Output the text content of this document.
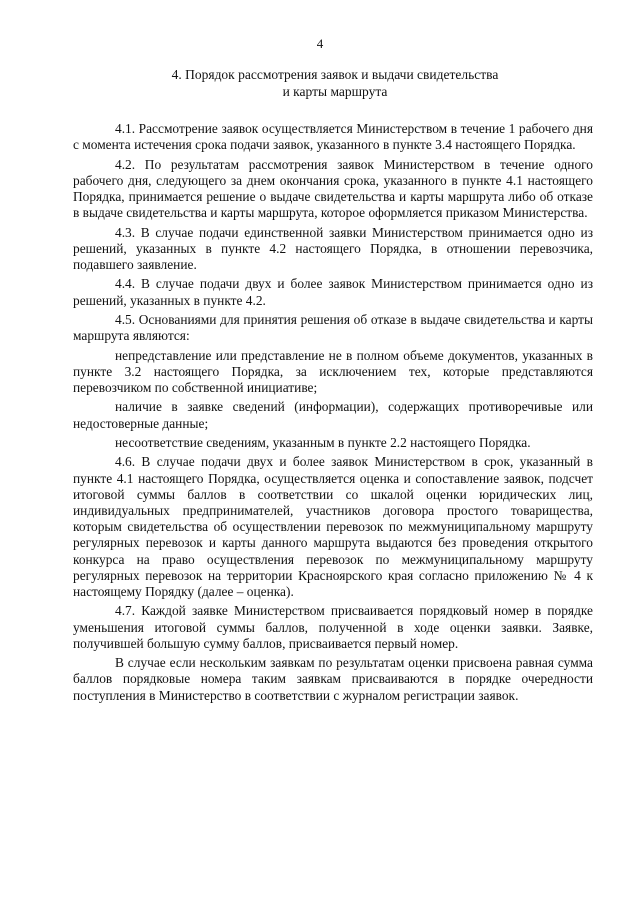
4
4. Порядок рассмотрения заявок и выдачи свидетельства
и карты маршрута

4.1. Рассмотрение заявок осуществляется Министерством в течение 1 рабочего дня с момента истечения срока подачи заявок, указанного в пункте 3.4 настоящего Порядка.

4.2. По результатам рассмотрения заявок Министерством в течение одного рабочего дня, следующего за днем окончания срока, указанного в пункте 4.1 настоящего Порядка, принимается решение о выдаче свидетельства и карты маршрута либо об отказе в выдаче свидетельства и карты маршрута, которое оформляется приказом Министерства.

4.3. В случае подачи единственной заявки Министерством принимается одно из решений, указанных в пункте 4.2 настоящего Порядка, в отношении перевозчика, подавшего заявление.

4.4. В случае подачи двух и более заявок Министерством принимается одно из решений, указанных в пункте 4.2.

4.5. Основаниями для принятия решения об отказе в выдаче свидетельства и карты маршрута являются:

непредставление или представление не в полном объеме документов, указанных в пункте 3.2 настоящего Порядка, за исключением тех, которые представляются перевозчиком по собственной инициативе;

наличие в заявке сведений (информации), содержащих противоречивые или недостоверные данные;

несоответствие сведениям, указанным в пункте 2.2 настоящего Порядка.

4.6. В случае подачи двух и более заявок Министерством в срок, указанный в пункте 4.1 настоящего Порядка, осуществляется оценка и сопоставление заявок, подсчет итоговой суммы баллов в соответствии со шкалой оценки юридических лиц, индивидуальных предпринимателей, участников договора простого товарищества, которым свидетельства об осуществлении перевозок по межмуниципальному маршруту регулярных перевозок и карты данного маршрута выдаются без проведения открытого конкурса на право осуществления перевозок по межмуниципальному маршруту регулярных перевозок на территории Красноярского края согласно приложению № 4 к настоящему Порядку (далее – оценка).

4.7. Каждой заявке Министерством присваивается порядковый номер в порядке уменьшения итоговой суммы баллов, полученной в ходе оценки заявки. Заявке, получившей большую сумму баллов, присваивается первый номер.

В случае если нескольким заявкам по результатам оценки присвоена равная сумма баллов порядковые номера таким заявкам присваиваются в порядке очередности поступления в Министерство в соответствии с журналом регистрации заявок.
